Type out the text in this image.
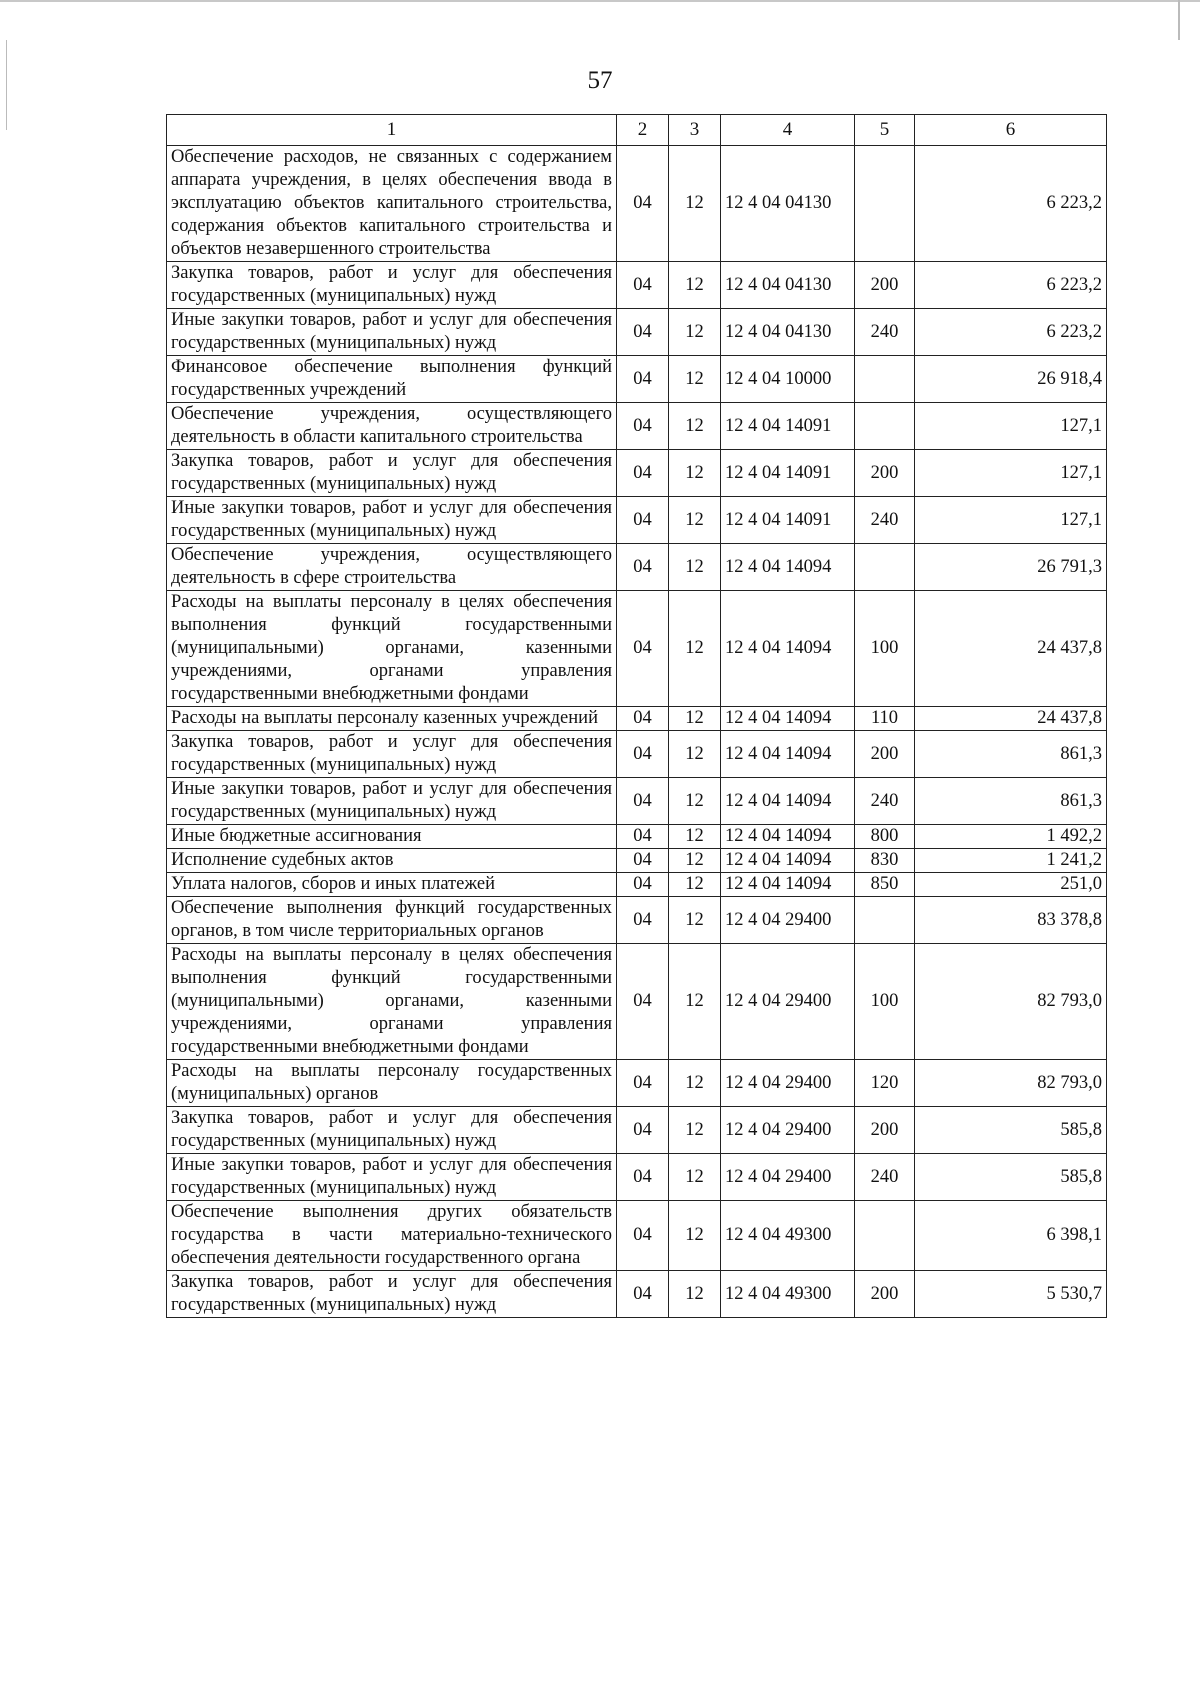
57
1	2	3	4	5	6
Обеспечение расходов, не связанных с содержанием аппарата учреждения, в целях обеспечения ввода в эксплуатацию объектов капитального строительства, содержания объектов капитального строительства и объектов незавершенного строительства	04	12	12 4 04 04130		6 223,2
Закупка товаров, работ и услуг для обеспечения государственных (муниципальных) нужд	04	12	12 4 04 04130	200	6 223,2
Иные закупки товаров, работ и услуг для обеспечения государственных (муниципальных) нужд	04	12	12 4 04 04130	240	6 223,2
Финансовое обеспечение выполнения функций государственных учреждений	04	12	12 4 04 10000		26 918,4
Обеспечение учреждения, осуществляющего деятельность в области капитального строительства	04	12	12 4 04 14091		127,1
Закупка товаров, работ и услуг для обеспечения государственных (муниципальных) нужд	04	12	12 4 04 14091	200	127,1
Иные закупки товаров, работ и услуг для обеспечения государственных (муниципальных) нужд	04	12	12 4 04 14091	240	127,1
Обеспечение учреждения, осуществляющего деятельность в сфере строительства	04	12	12 4 04 14094		26 791,3
Расходы на выплаты персоналу в целях обеспечения выполнения функций государственными (муниципальными) органами, казенными учреждениями, органами управления государственными внебюджетными фондами	04	12	12 4 04 14094	100	24 437,8
Расходы на выплаты персоналу казенных учреждений	04	12	12 4 04 14094	110	24 437,8
Закупка товаров, работ и услуг для обеспечения государственных (муниципальных) нужд	04	12	12 4 04 14094	200	861,3
Иные закупки товаров, работ и услуг для обеспечения государственных (муниципальных) нужд	04	12	12 4 04 14094	240	861,3
Иные бюджетные ассигнования	04	12	12 4 04 14094	800	1 492,2
Исполнение судебных актов	04	12	12 4 04 14094	830	1 241,2
Уплата налогов, сборов и иных платежей	04	12	12 4 04 14094	850	251,0
Обеспечение выполнения функций государственных органов, в том числе территориальных органов	04	12	12 4 04 29400		83 378,8
Расходы на выплаты персоналу в целях обеспечения выполнения функций государственными (муниципальными) органами, казенными учреждениями, органами управления государственными внебюджетными фондами	04	12	12 4 04 29400	100	82 793,0
Расходы на выплаты персоналу государственных (муниципальных) органов	04	12	12 4 04 29400	120	82 793,0
Закупка товаров, работ и услуг для обеспечения государственных (муниципальных) нужд	04	12	12 4 04 29400	200	585,8
Иные закупки товаров, работ и услуг для обеспечения государственных (муниципальных) нужд	04	12	12 4 04 29400	240	585,8
Обеспечение выполнения других обязательств государства в части материально-технического обеспечения деятельности государственного органа	04	12	12 4 04 49300		6 398,1
Закупка товаров, работ и услуг для обеспечения государственных (муниципальных) нужд	04	12	12 4 04 49300	200	5 530,7
